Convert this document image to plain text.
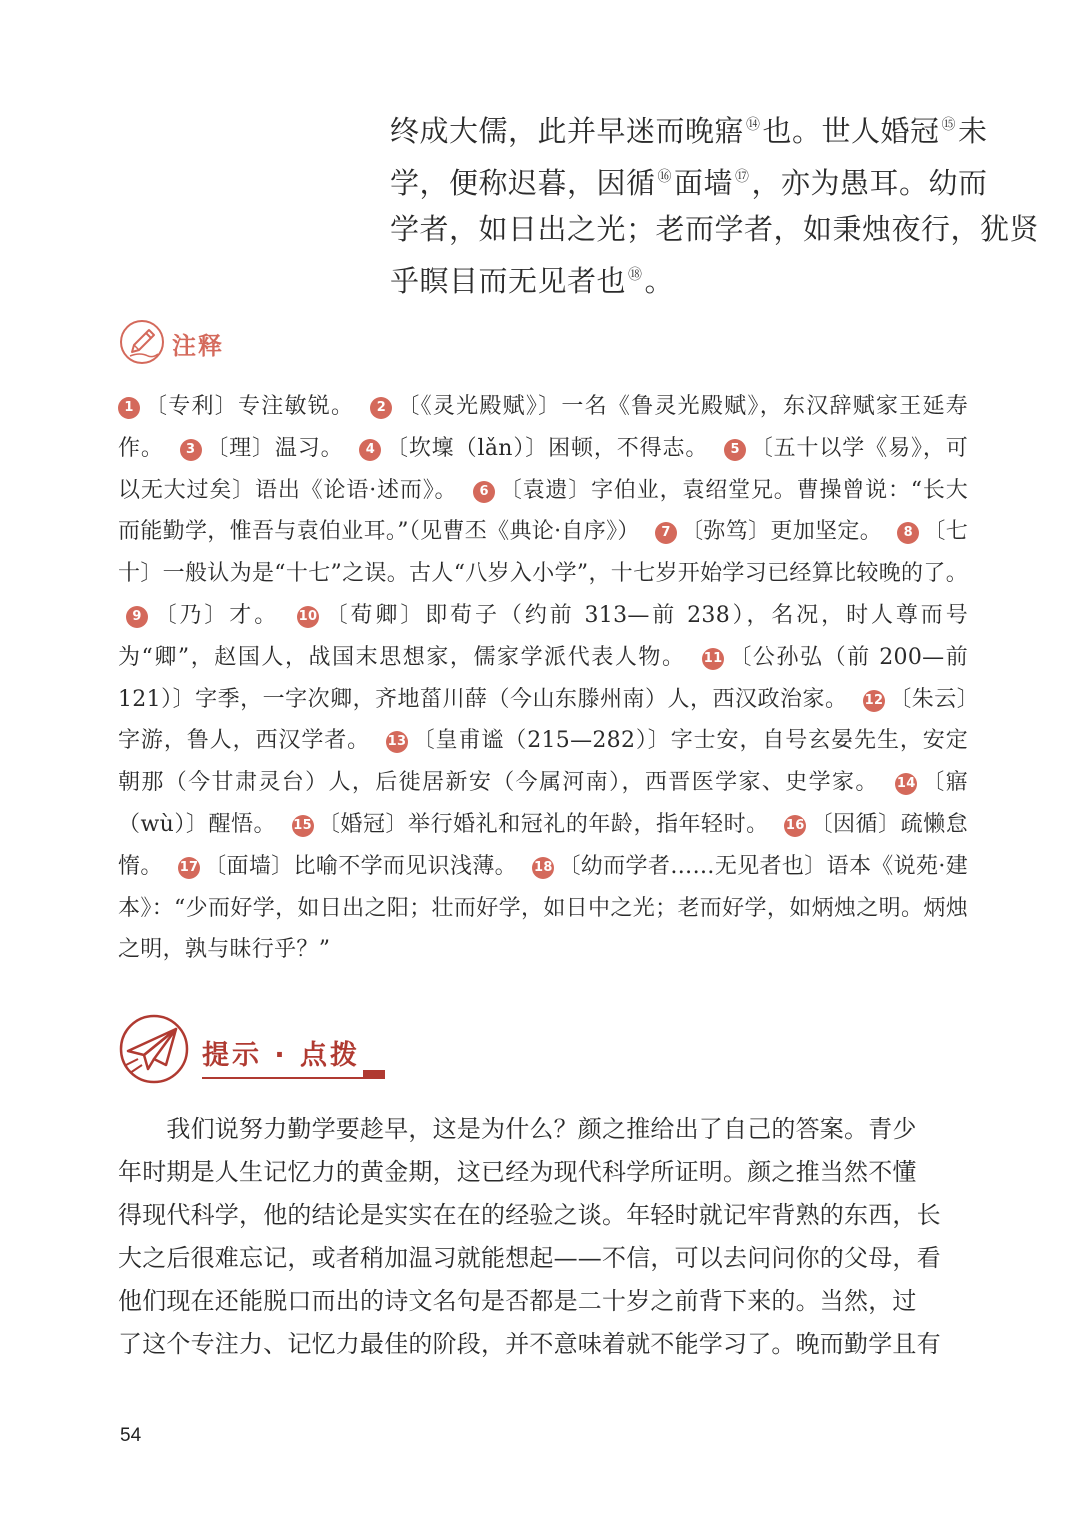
终成大儒，此并早迷而晚寤 ⑭也。世人婚冠 ⑮未
学，便称迟暮，因循 ⑯面墙 ⑰，亦为愚耳。幼而
学者，如日出之光；老而学者，如秉烛夜行，犹贤
乎瞑目而无见者也 ⑱。
注释
1 〔专利〕专注敏锐。 2 〔《灵光殿赋》〕一名《鲁灵光殿赋》，东汉辞赋家王延寿作。 3 〔理〕温习。 4 〔坎壈（lǎn）〕困顿，不得志。 5 〔五十以学《易》，可以无大过矣〕语出《论语·述而》。 6 〔袁遗〕字伯业，袁绍堂兄。曹操曾说：“长大而能勤学，惟吾与袁伯业耳。”（见曹丕《典论·自序》） 7 〔弥笃〕更加坚定。 8 〔七十〕一般认为是“十七”之误。古人“八岁入小学”，十七岁开始学习已经算比较晚的了。 9 〔乃〕才。 10 〔荀卿〕即荀子（约前 313—前 238），名况，时人尊而号为“卿”，赵国人，战国末思想家，儒家学派代表人物。 11 〔公孙弘（前 200—前 121）〕字季，一字次卿，齐地菑川薛（今山东滕州南）人，西汉政治家。 12 〔朱云〕字游，鲁人，西汉学者。 13 〔皇甫谧（215—282）〕字士安，自号玄晏先生，安定朝那（今甘肃灵台）人，后徙居新安（今属河南），西晋医学家、史学家。 14 〔寤（wù）〕醒悟。 15 〔婚冠〕举行婚礼和冠礼的年龄，指年轻时。 16 〔因循〕疏懒怠惰。 17 〔面墙〕比喻不学而见识浅薄。 18 〔幼而学者……无见者也〕语本《说苑·建本》：“少而好学，如日出之阳；壮而好学，如日中之光；老而好学，如炳烛之明。炳烛之明，孰与昧行乎？”
提示 · 点拨
　　我们说努力勤学要趁早，这是为什么？颜之推给出了自己的答案。青少
年时期是人生记忆力的黄金期，这已经为现代科学所证明。颜之推当然不懂
得现代科学，他的结论是实实在在的经验之谈。年轻时就记牢背熟的东西，长
大之后很难忘记，或者稍加温习就能想起——不信，可以去问问你的父母，看
他们现在还能脱口而出的诗文名句是否都是二十岁之前背下来的。当然，过
了这个专注力、记忆力最佳的阶段，并不意味着就不能学习了。晚而勤学且有
54
